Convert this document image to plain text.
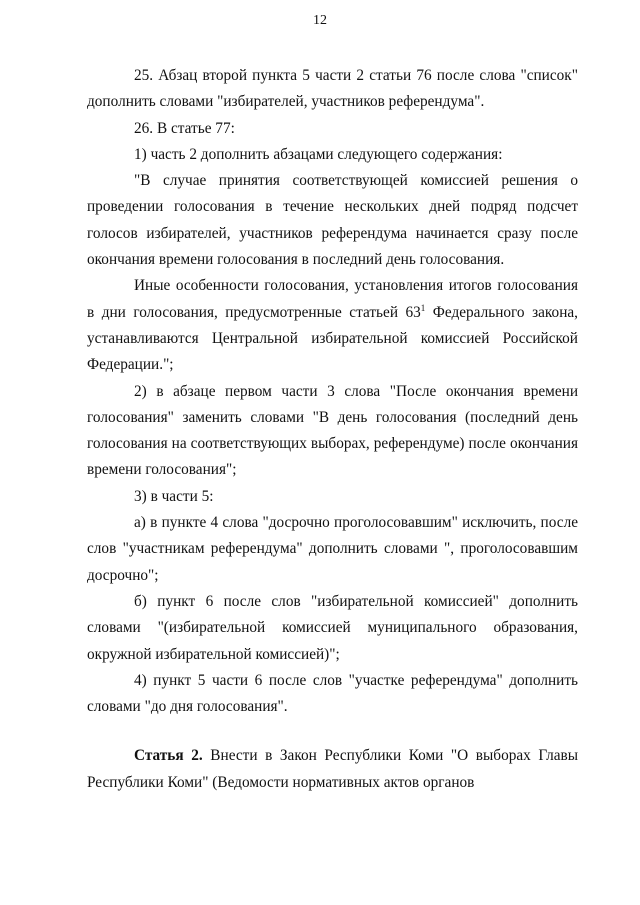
12

25. Абзац второй пункта 5 части 2 статьи 76 после слова "список" дополнить словами "избирателей, участников референдума".

26. В статье 77:

1) часть 2 дополнить абзацами следующего содержания:

"В случае принятия соответствующей комиссией решения о проведении голосования в течение нескольких дней подряд подсчет голосов избирателей, участников референдума начинается сразу после окончания времени голосования в последний день голосования.

Иные особенности голосования, установления итогов голосования в дни голосования, предусмотренные статьей $63^1$ Федерального закона, устанавливаются Центральной избирательной комиссией Российской Федерации.";

2) в абзаце первом части 3 слова "После окончания времени голосования" заменить словами "В день голосования (последний день голосования на соответствующих выборах, референдуме) после окончания времени голосования";

3) в части 5:

а) в пункте 4 слова "досрочно проголосовавшим" исключить, после слов "участникам референдума" дополнить словами ", проголосовавшим досрочно";

б) пункт 6 после слов "избирательной комиссией" дополнить словами "(избирательной комиссией муниципального образования, окружной избирательной комиссией)";

4) пункт 5 части 6 после слов "участке референдума" дополнить словами "до дня голосования".

Статья 2. Внести в Закон Республики Коми "О выборах Главы Республики Коми" (Ведомости нормативных актов органов
